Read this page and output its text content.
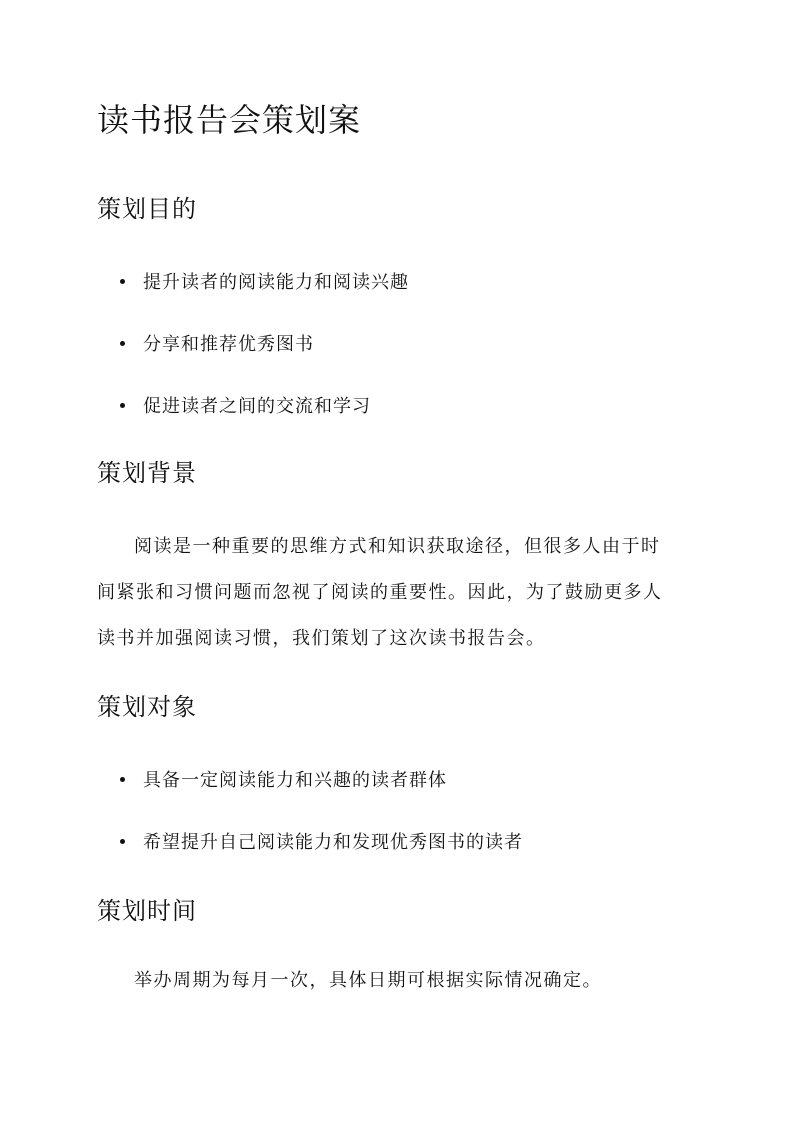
读书报告会策划案
策划目的
提升读者的阅读能力和阅读兴趣
分享和推荐优秀图书
促进读者之间的交流和学习
策划背景
阅读是一种重要的思维方式和知识获取途径，但很多人由于时
间紧张和习惯问题而忽视了阅读的重要性。因此，为了鼓励更多人
读书并加强阅读习惯，我们策划了这次读书报告会。
策划对象
具备一定阅读能力和兴趣的读者群体
希望提升自己阅读能力和发现优秀图书的读者
策划时间
举办周期为每月一次，具体日期可根据实际情况确定。
